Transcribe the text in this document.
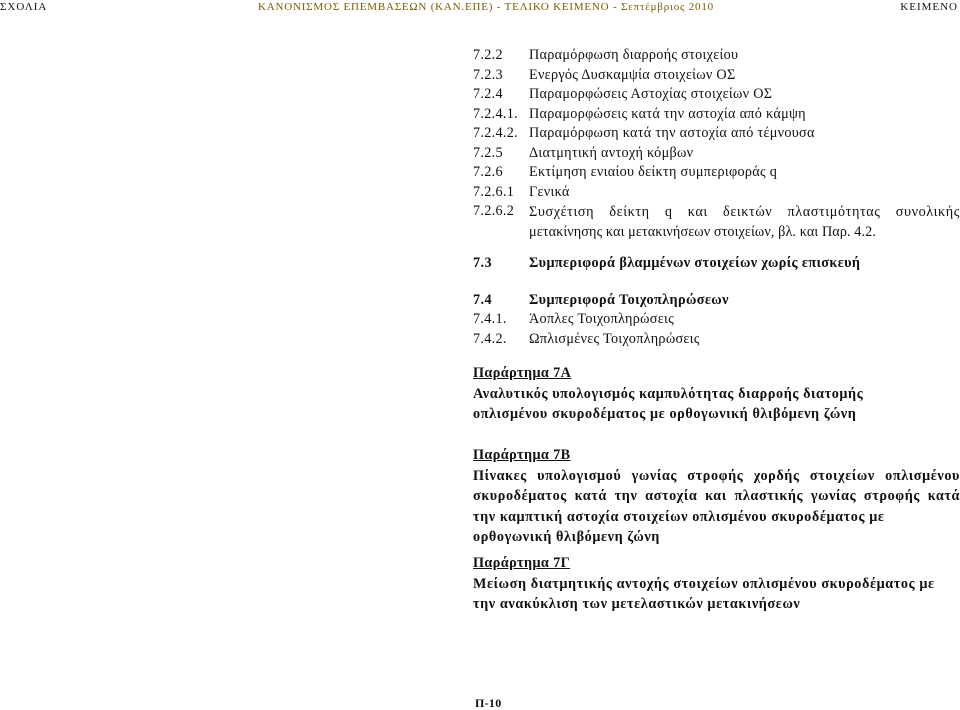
ΣΧΟΛΙΑ	ΚΑΝΟΝΙΣΜΟΣ ΕΠΕΜΒΑΣΕΩΝ (ΚΑΝ.ΕΠΕ) - ΤΕΛΙΚΟ ΚΕΙΜΕΝΟ - Σεπτέμβριος 2010	ΚΕΙΜΕΝΟ
7.2.2 Παραμόρφωση διαρροής στοιχείου
7.2.3 Ενεργός Δυσκαμψία στοιχείων ΟΣ
7.2.4 Παραμορφώσεις Αστοχίας στοιχείων ΟΣ
7.2.4.1. Παραμορφώσεις κατά την αστοχία από κάμψη
7.2.4.2. Παραμόρφωση κατά την αστοχία από τέμνουσα
7.2.5 Διατμητική αντοχή κόμβων
7.2.6 Εκτίμηση ενιαίου δείκτη συμπεριφοράς q
7.2.6.1 Γενικά
7.2.6.2 Συσχέτιση δείκτη q και δεικτών πλαστιμότητας συνολικής
μετακίνησης και μετακινήσεων στοιχείων, βλ. και Παρ. 4.2.
7.3	Συμπεριφορά βλαμμένων στοιχείων χωρίς επισκευή
7.4	Συμπεριφορά Τοιχοπληρώσεων
7.4.1. Άοπλες Τοιχοπληρώσεις
7.4.2. Ωπλισμένες Τοιχοπληρώσεις
Παράρτημα 7Α
Αναλυτικός υπολογισμός καμπυλότητας διαρροής διατομής
οπλισμένου σκυροδέματος με ορθογωνική θλιβόμενη ζώνη
Παράρτημα 7Β
Πίνακες υπολογισμού γωνίας στροφής χορδής στοιχείων οπλισμένου
σκυροδέματος κατά την αστοχία και πλαστικής γωνίας στροφής κατά
την καμπτική αστοχία στοιχείων οπλισμένου σκυροδέματος με
ορθογωνική θλιβόμενη ζώνη
Παράρτημα 7Γ
Μείωση διατμητικής αντοχής στοιχείων οπλισμένου σκυροδέματος με
την ανακύκλιση των μετελαστικών μετακινήσεων
Π-10
